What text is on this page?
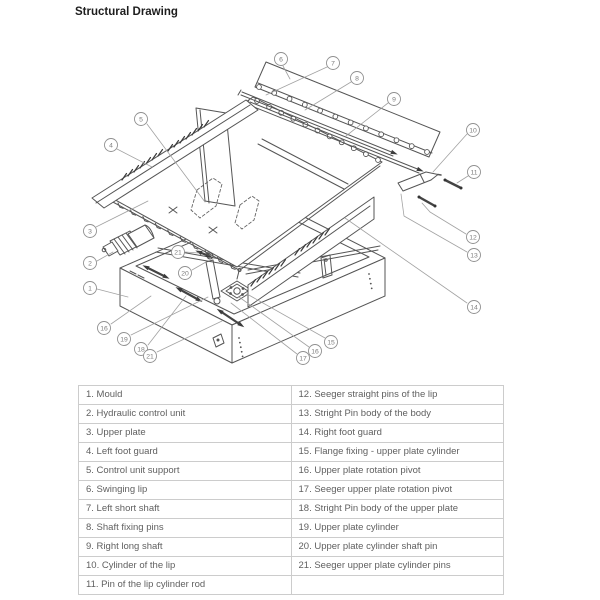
Structural Drawing
1
2
3
4
5
6
7
8
9
10
11
12
13
14
15
16
17
16
19
18
21
20
21
1. Mould	12. Seeger straight pins of the lip
2. Hydraulic control unit	13. Stright Pin body of the body
3. Upper plate	14. Right foot guard
4. Left foot guard	15. Flange fixing - upper plate cylinder
5. Control unit support	16. Upper plate rotation pivot
6. Swinging lip	17. Seeger upper plate rotation pivot
7. Left short shaft	18. Stright Pin body of the upper plate
8. Shaft fixing pins	19. Upper plate cylinder
9. Right long shaft	20. Upper plate cylinder shaft pin
10. Cylinder of the lip	21. Seeger upper plate cylinder pins
11. Pin of the lip cylinder rod	
